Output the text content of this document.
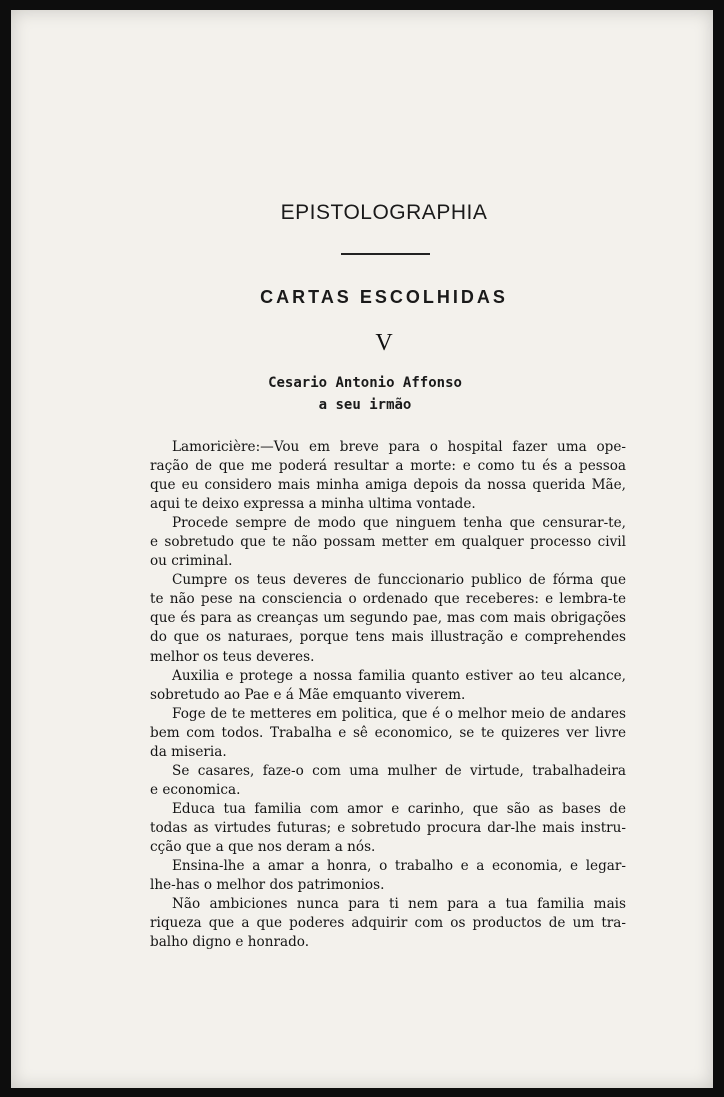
EPISTOLOGRAPHIA
CARTAS ESCOLHIDAS
V
Cesario Antonio Affonso
a seu irmão
Lamoricière:—Vou em breve para o hospital fazer uma ope-
ração de que me poderá resultar a morte: e como tu és a pessoa
que eu considero mais minha amiga depois da nossa querida Mãe,
aqui te deixo expressa a minha ultima vontade.
Procede sempre de modo que ninguem tenha que censurar-te,
e sobretudo que te não possam metter em qualquer processo civil
ou criminal.
Cumpre os teus deveres de funccionario publico de fórma que
te não pese na consciencia o ordenado que receberes: e lembra-te
que és para as creanças um segundo pae, mas com mais obrigações
do que os naturaes, porque tens mais illustração e comprehendes
melhor os teus deveres.
Auxilia e protege a nossa familia quanto estiver ao teu alcance,
sobretudo ao Pae e á Mãe emquanto viverem.
Foge de te metteres em politica, que é o melhor meio de andares
bem com todos. Trabalha e sê economico, se te quizeres ver livre
da miseria.
Se casares, faze-o com uma mulher de virtude, trabalhadeira
e economica.
Educa tua familia com amor e carinho, que são as bases de
todas as virtudes futuras; e sobretudo procura dar-lhe mais instru-
cção que a que nos deram a nós.
Ensina-lhe a amar a honra, o trabalho e a economia, e legar-
lhe-has o melhor dos patrimonios.
Não ambiciones nunca para ti nem para a tua familia mais
riqueza que a que poderes adquirir com os productos de um tra-
balho digno e honrado.
